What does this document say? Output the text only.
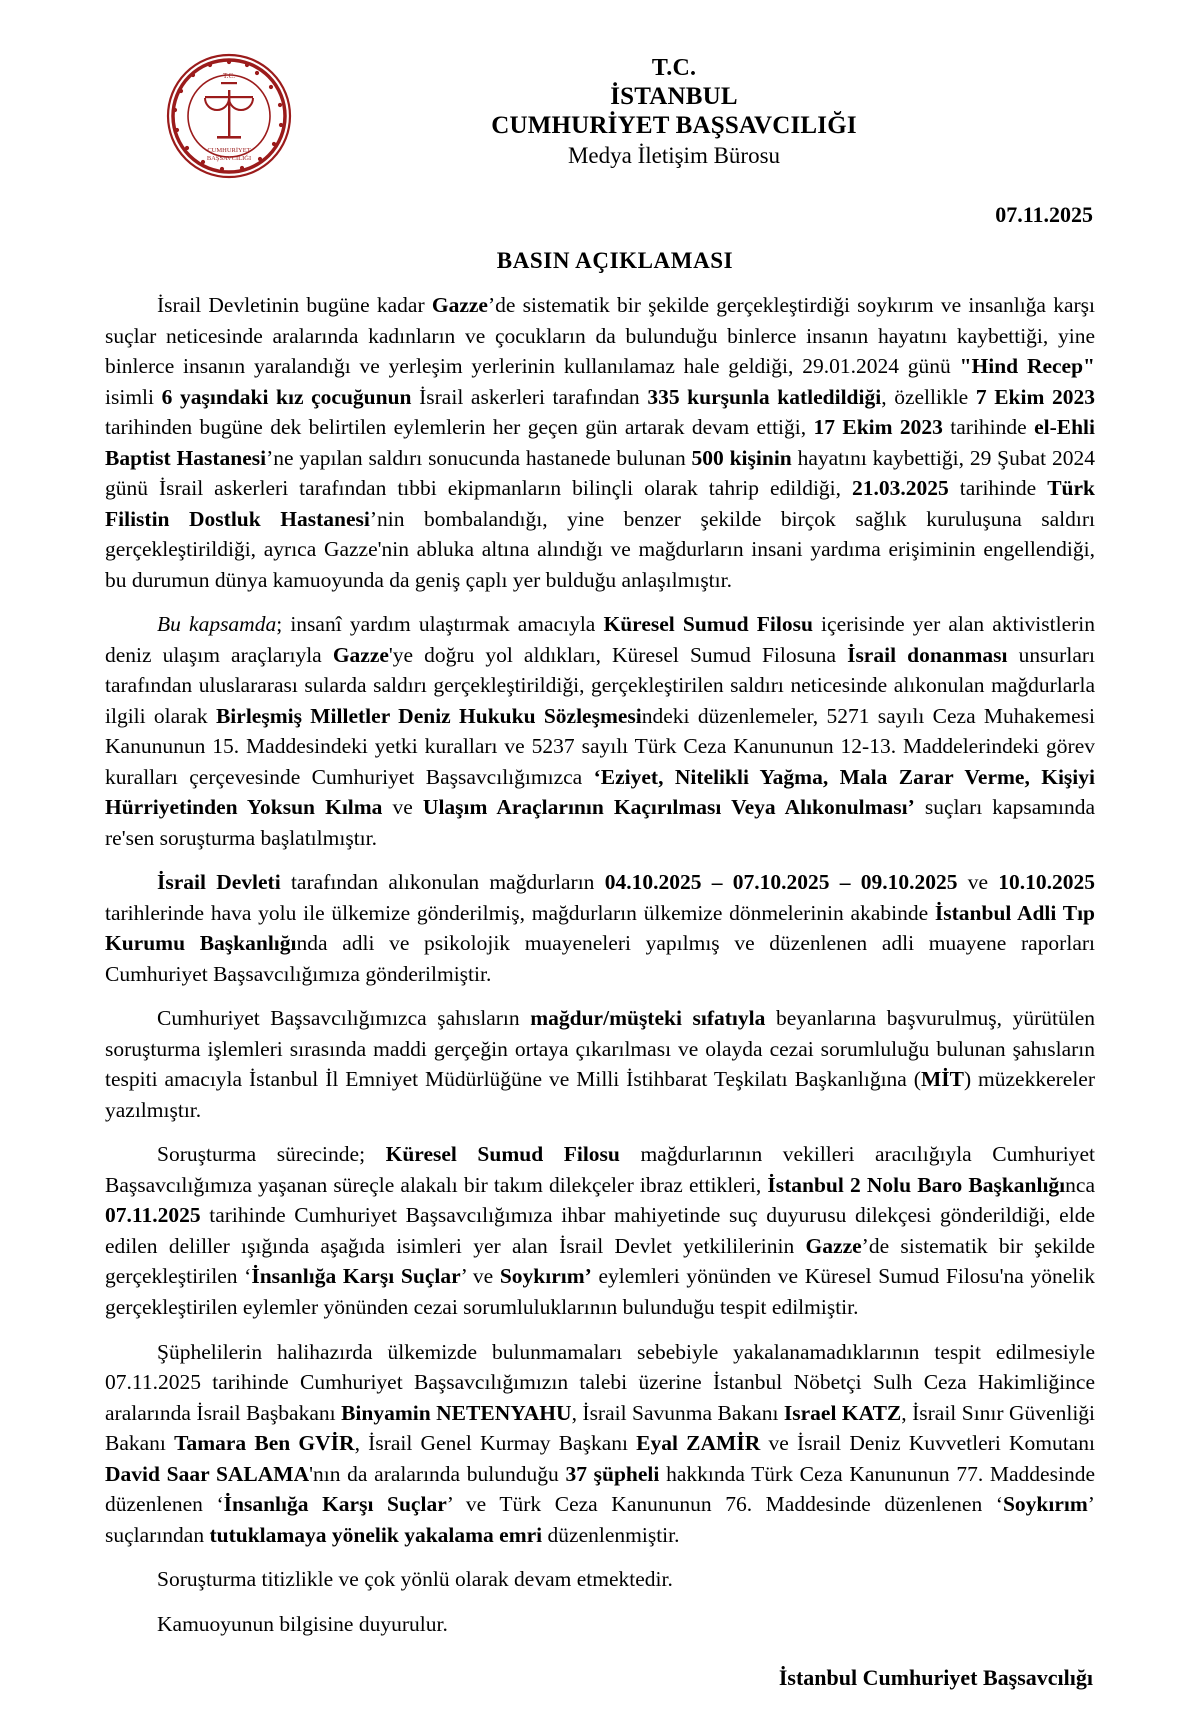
T.C.
CUMHURİYET
BAŞSAVCILIĞI
T.C.
İSTANBUL
CUMHURİYET BAŞSAVCILIĞI
Medya İletişim Bürosu
07.11.2025
BASIN AÇIKLAMASI

İsrail Devletinin bugüne kadar Gazze’de sistematik bir şekilde gerçekleştirdiği soykırım ve insanlığa karşı suçlar neticesinde aralarında kadınların ve çocukların da bulunduğu binlerce insanın hayatını kaybettiği, yine binlerce insanın yaralandığı ve yerleşim yerlerinin kullanılamaz hale geldiği, 29.01.2024 günü "Hind Recep" isimli 6 yaşındaki kız çocuğunun İsrail askerleri tarafından 335 kurşunla katledildiği, özellikle 7 Ekim 2023 tarihinden bugüne dek belirtilen eylemlerin her geçen gün artarak devam ettiği, 17 Ekim 2023 tarihinde el-Ehli Baptist Hastanesi’ne yapılan saldırı sonucunda hastanede bulunan 500 kişinin hayatını kaybettiği, 29 Şubat 2024 günü İsrail askerleri tarafından tıbbi ekipmanların bilinçli olarak tahrip edildiği, 21.03.2025 tarihinde Türk Filistin Dostluk Hastanesi’nin bombalandığı, yine benzer şekilde birçok sağlık kuruluşuna saldırı gerçekleştirildiği, ayrıca Gazze'nin abluka altına alındığı ve mağdurların insani yardıma erişiminin engellendiği, bu durumun dünya kamuoyunda da geniş çaplı yer bulduğu anlaşılmıştır.

Bu kapsamda; insanî yardım ulaştırmak amacıyla Küresel Sumud Filosu içerisinde yer alan aktivistlerin deniz ulaşım araçlarıyla Gazze'ye doğru yol aldıkları, Küresel Sumud Filosuna İsrail donanması unsurları tarafından uluslararası sularda saldırı gerçekleştirildiği, gerçekleştirilen saldırı neticesinde alıkonulan mağdurlarla ilgili olarak Birleşmiş Milletler Deniz Hukuku Sözleşmesindeki düzenlemeler, 5271 sayılı Ceza Muhakemesi Kanununun 15. Maddesindeki yetki kuralları ve 5237 sayılı Türk Ceza Kanununun 12-13. Maddelerindeki görev kuralları çerçevesinde Cumhuriyet Başsavcılığımızca ‘Eziyet, Nitelikli Yağma, Mala Zarar Verme, Kişiyi Hürriyetinden Yoksun Kılma ve Ulaşım Araçlarının Kaçırılması Veya Alıkonulması’ suçları kapsamında re'sen soruşturma başlatılmıştır.

İsrail Devleti tarafından alıkonulan mağdurların 04.10.2025 – 07.10.2025 – 09.10.2025 ve 10.10.2025 tarihlerinde hava yolu ile ülkemize gönderilmiş, mağdurların ülkemize dönmelerinin akabinde İstanbul Adli Tıp Kurumu Başkanlığında adli ve psikolojik muayeneleri yapılmış ve düzenlenen adli muayene raporları Cumhuriyet Başsavcılığımıza gönderilmiştir.

Cumhuriyet Başsavcılığımızca şahısların mağdur/müşteki sıfatıyla beyanlarına başvurulmuş, yürütülen soruşturma işlemleri sırasında maddi gerçeğin ortaya çıkarılması ve olayda cezai sorumluluğu bulunan şahısların tespiti amacıyla İstanbul İl Emniyet Müdürlüğüne ve Milli İstihbarat Teşkilatı Başkanlığına (MİT) müzekkereler yazılmıştır.

Soruşturma sürecinde; Küresel Sumud Filosu mağdurlarının vekilleri aracılığıyla Cumhuriyet Başsavcılığımıza yaşanan süreçle alakalı bir takım dilekçeler ibraz ettikleri, İstanbul 2 Nolu Baro Başkanlığınca 07.11.2025 tarihinde Cumhuriyet Başsavcılığımıza ihbar mahiyetinde suç duyurusu dilekçesi gönderildiği, elde edilen deliller ışığında aşağıda isimleri yer alan İsrail Devlet yetkililerinin Gazze’de sistematik bir şekilde gerçekleştirilen ‘İnsanlığa Karşı Suçlar’ ve Soykırım’ eylemleri yönünden ve Küresel Sumud Filosu'na yönelik gerçekleştirilen eylemler yönünden cezai sorumluluklarının bulunduğu tespit edilmiştir.

Şüphelilerin halihazırda ülkemizde bulunmamaları sebebiyle yakalanamadıklarının tespit edilmesiyle 07.11.2025 tarihinde Cumhuriyet Başsavcılığımızın talebi üzerine İstanbul Nöbetçi Sulh Ceza Hakimliğince aralarında İsrail Başbakanı Binyamin NETENYAHU, İsrail Savunma Bakanı Israel KATZ, İsrail Sınır Güvenliği Bakanı Tamara Ben GVİR, İsrail Genel Kurmay Başkanı Eyal ZAMİR ve İsrail Deniz Kuvvetleri Komutanı David Saar SALAMA'nın da aralarında bulunduğu 37 şüpheli hakkında Türk Ceza Kanununun 77. Maddesinde düzenlenen ‘İnsanlığa Karşı Suçlar’ ve Türk Ceza Kanununun 76. Maddesinde düzenlenen ‘Soykırım’ suçlarından tutuklamaya yönelik yakalama emri düzenlenmiştir.

Soruşturma titizlikle ve çok yönlü olarak devam etmektedir.

Kamuoyunun bilgisine duyurulur.

İstanbul Cumhuriyet Başsavcılığı
